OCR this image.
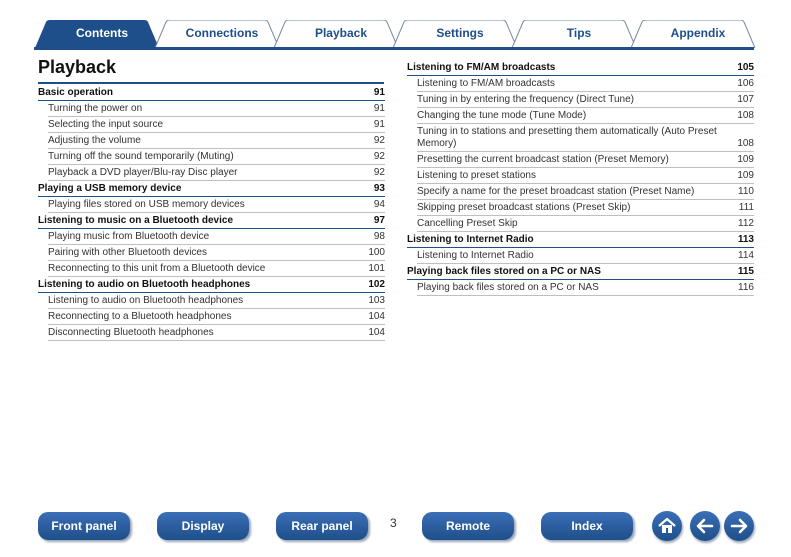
Contents	Connections	Playback	Settings	Tips	Appendix
Playback
Basic operation	91
Turning the power on	91
Selecting the input source	91
Adjusting the volume	92
Turning off the sound temporarily (Muting)	92
Playback a DVD player/Blu-ray Disc player	92
Playing a USB memory device	93
Playing files stored on USB memory devices	94
Listening to music on a Bluetooth device	97
Playing music from Bluetooth device	98
Pairing with other Bluetooth devices	100
Reconnecting to this unit from a Bluetooth device	101
Listening to audio on Bluetooth headphones	102
Listening to audio on Bluetooth headphones	103
Reconnecting to a Bluetooth headphones	104
Disconnecting Bluetooth headphones	104
Listening to FM/AM broadcasts	105
Listening to FM/AM broadcasts	106
Tuning in by entering the frequency (Direct Tune)	107
Changing the tune mode (Tune Mode)	108
Tuning in to stations and presetting them automatically (Auto Preset Memory)	108
Presetting the current broadcast station (Preset Memory)	109
Listening to preset stations	109
Specify a name for the preset broadcast station (Preset Name)	110
Skipping preset broadcast stations (Preset Skip)	111
Cancelling Preset Skip	112
Listening to Internet Radio	113
Listening to Internet Radio	114
Playing back files stored on a PC or NAS	115
Playing back files stored on a PC or NAS	116
Front panel	Display	Rear panel	3	Remote	Index
